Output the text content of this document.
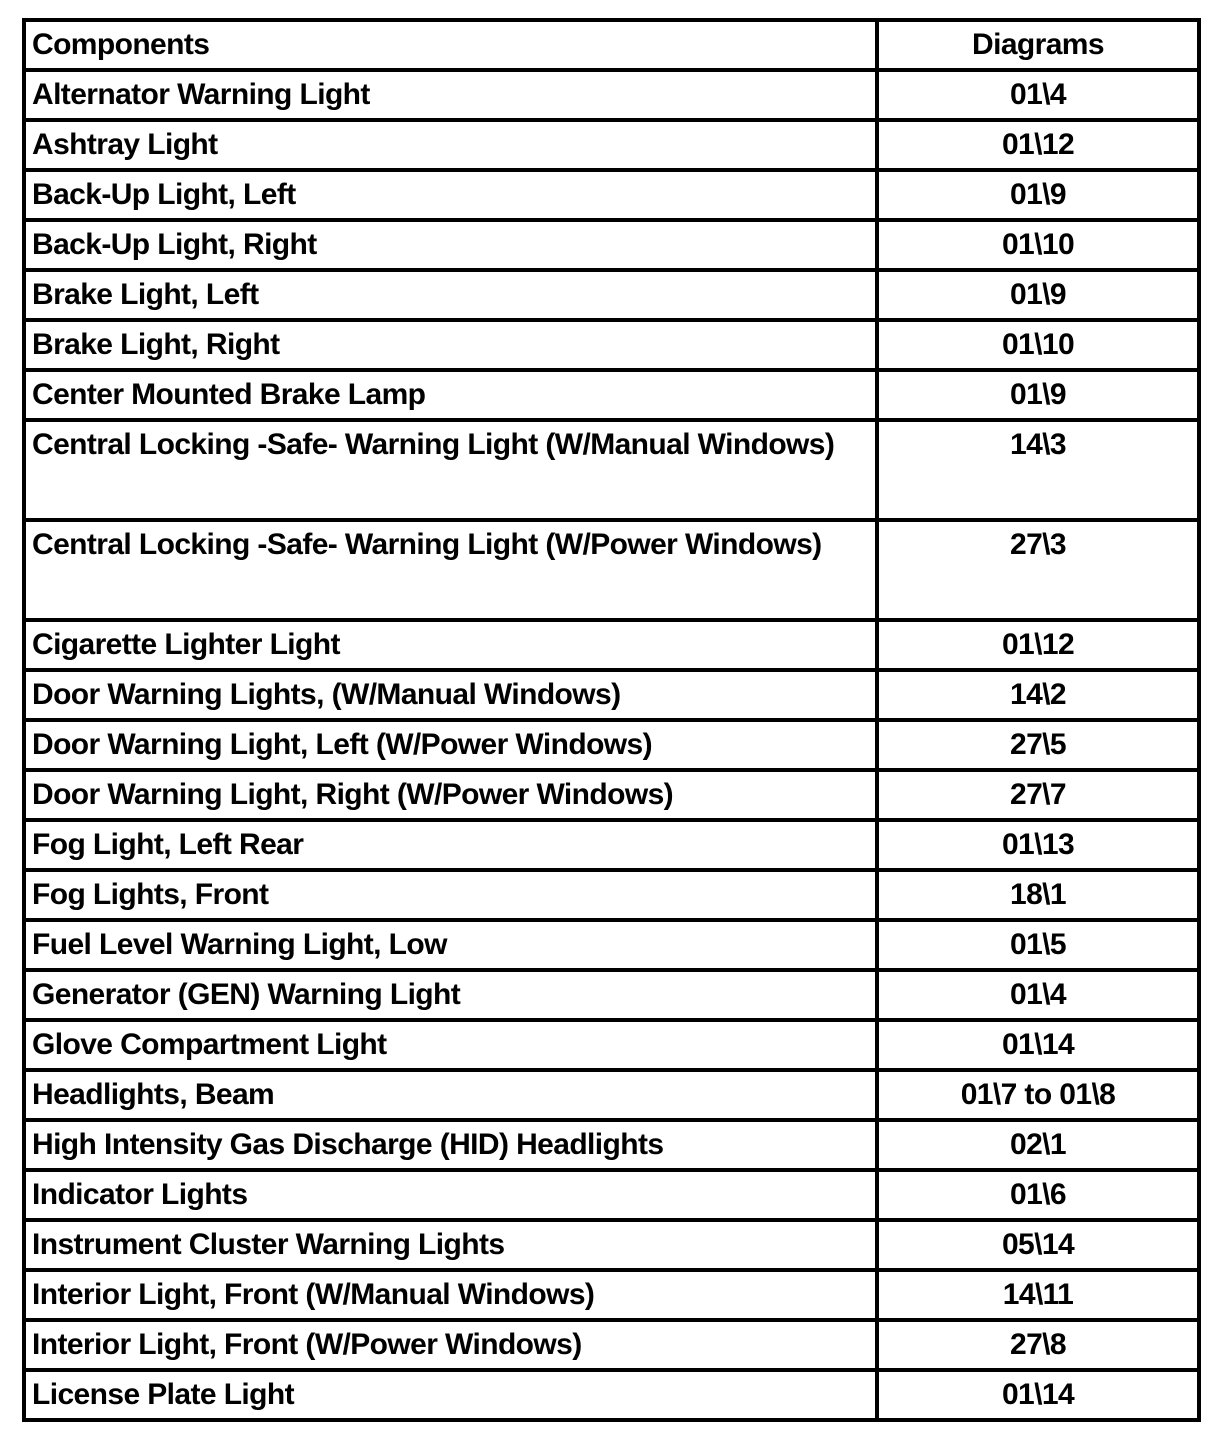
Components	Diagrams
Alternator Warning Light	01\4
Ashtray Light	01\12
Back-Up Light, Left	01\9
Back-Up Light, Right	01\10
Brake Light, Left	01\9
Brake Light, Right	01\10
Center Mounted Brake Lamp	01\9
Central Locking -Safe- Warning Light (W/Manual Windows)	14\3
Central Locking -Safe- Warning Light (W/Power Windows)	27\3
Cigarette Lighter Light	01\12
Door Warning Lights, (W/Manual Windows)	14\2
Door Warning Light, Left (W/Power Windows)	27\5
Door Warning Light, Right (W/Power Windows)	27\7
Fog Light, Left Rear	01\13
Fog Lights, Front	18\1
Fuel Level Warning Light, Low	01\5
Generator (GEN) Warning Light	01\4
Glove Compartment Light	01\14
Headlights, Beam	01\7 to 01\8
High Intensity Gas Discharge (HID) Headlights	02\1
Indicator Lights	01\6
Instrument Cluster Warning Lights	05\14
Interior Light, Front (W/Manual Windows)	14\11
Interior Light, Front (W/Power Windows)	27\8
License Plate Light	01\14
